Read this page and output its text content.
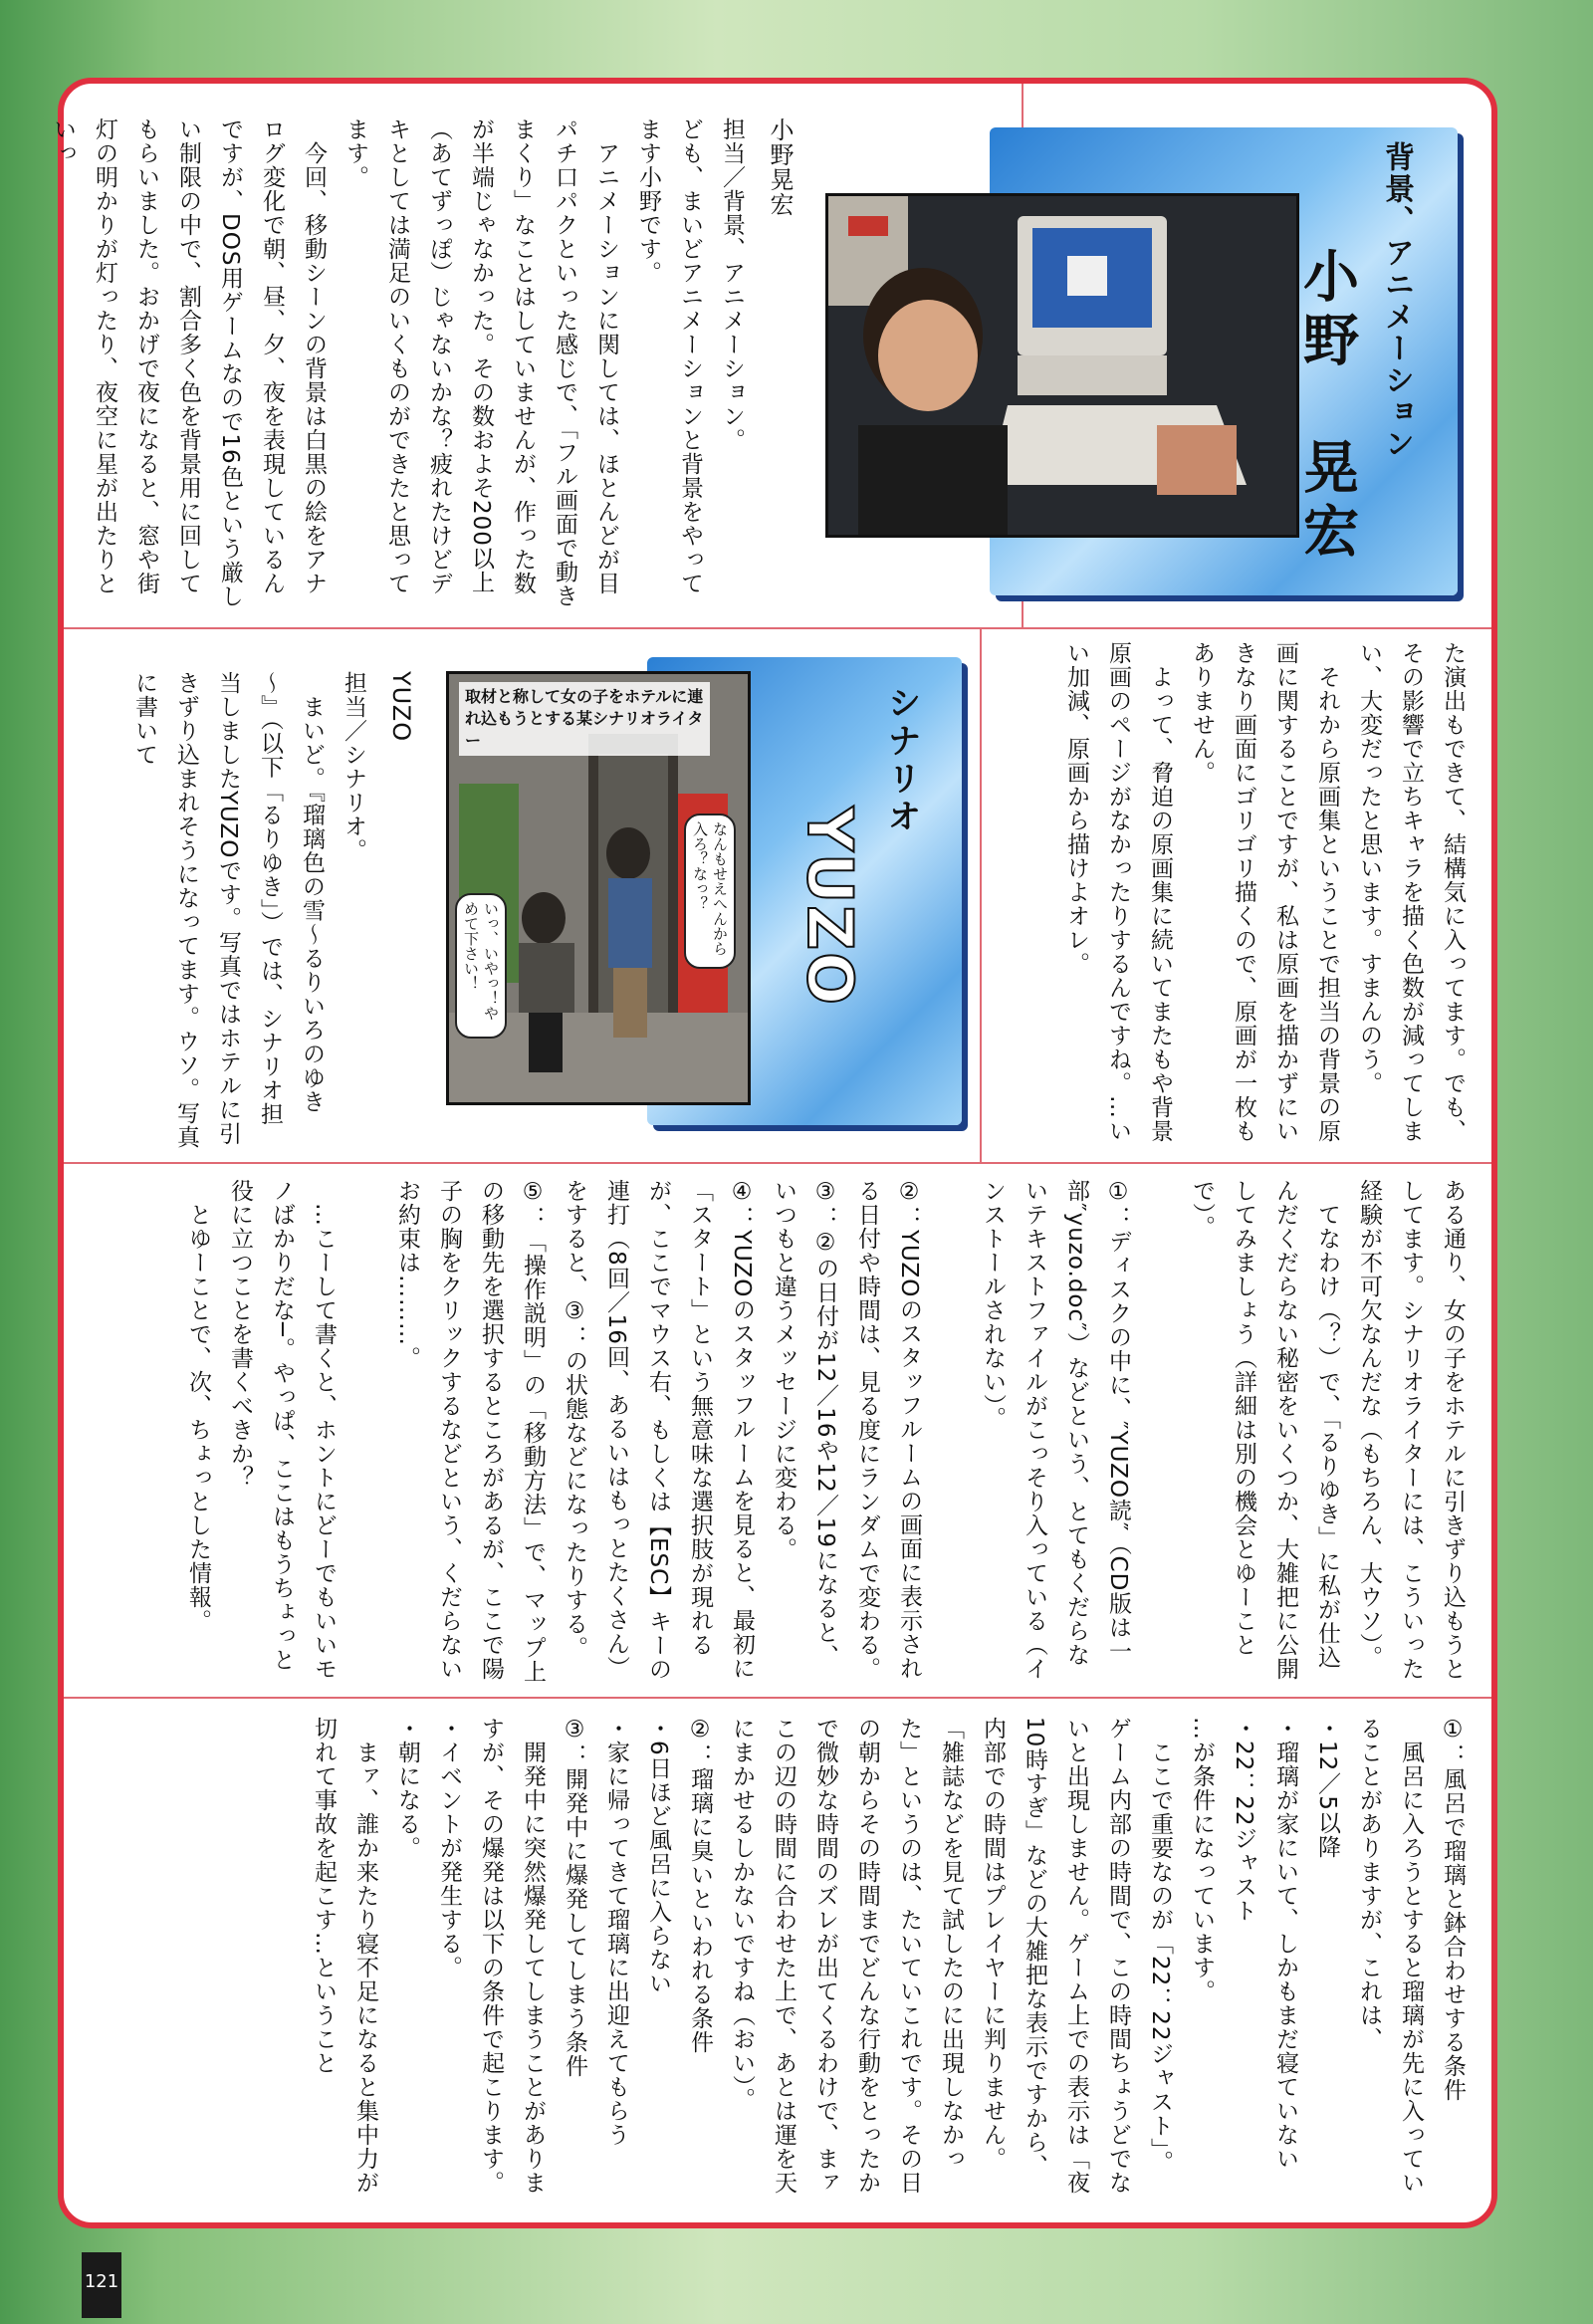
背景、アニメーション
小野　晃宏
小野晃宏
担当／背景、アニメーション。
ども、まいどアニメーションと背景をやってます小野です。
　アニメーションに関しては、ほとんどが目パチ口パクといった感じで、「フル画面で動きまくり」なことはしていませんが、作った数が半端じゃなかった。その数およそ200以上（あてずっぽ）じゃないかな？疲れたけどデキとしては満足のいくものができたと思ってます。
　今回、移動シーンの背景は白黒の絵をアナログ変化で朝、昼、夕、夜を表現しているんですが、DOS用ゲームなので16色という厳しい制限の中で、割合多く色を背景用に回してもらいました。おかげで夜になると、窓や街灯の明かりが灯ったり、夜空に星が出たりといっ
た演出もできて、結構気に入ってます。でも、その影響で立ちキャラを描く色数が減ってしまい、大変だったと思います。すまんのう。
　それから原画集ということで担当の背景の原画に関することですが、私は原画を描かずにいきなり画面にゴリゴリ描くので、原画が一枚もありません。
　よって、脅迫の原画集に続いてまたもや背景原画のページがなかったりするんですね。…いい加減、原画から描けよオレ。
シナリオ
YUZO
取材と称して女の子をホテルに連れ込もうとする某シナリオライター
なんもせえへんから入ろ？なっ？
いっ、いやっ！やめて下さい！
YUZO
担当／シナリオ。
　まいど。『瑠璃色の雪～るりいろのゆき～』（以下「るりゆき」）では、シナリオ担当しましたYUZOです。写真ではホテルに引きずり込まれそうになってます。ウソ。写真に書いて
ある通り、女の子をホテルに引きずり込もうとしてます。シナリオライターには、こういった経験が不可欠なんだな（もちろん、大ウソ）。
　てなわけ（？）で、「るりゆき」に私が仕込んだくだらない秘密をいくつか、大雑把に公開してみましょう（詳細は別の機会とゆーことで）。

①：ディスクの中に、″YUZO読″（CD版は一部″yuzo.doc″）などという、とてもくだらないテキストファイルがこっそり入っている（インストールされない）。

②：YUZOのスタッフルームの画面に表示される日付や時間は、見る度にランダムで変わる。
③：②の日付が12／16や12／19になると、いつもと違うメッセージに変わる。
④：YUZOのスタッフルームを見ると、最初に「スタート」という無意味な選択肢が現れるが、ここでマウス右、もしくは【ESC】キーの連打（8回／16回、あるいはもっとたくさん）をすると、③：の状態などになったりする。
⑤：「操作説明」の「移動方法」で、マップ上の移動先を選択するところがあるが、ここで陽子の胸をクリックするなどという、くだらないお約束は………。

　…こーして書くと、ホントにどーでもいいモノばかりだな─。やっぱ、ここはもうちょっと役に立つことを書くべきか？
　とゆーことで、次、ちょっとした情報。
①：風呂で瑠璃と鉢合わせする条件
　風呂に入ろうとすると瑠璃が先に入っていることがありますが、これは、
・12／5以降
・瑠璃が家にいて、しかもまだ寝ていない
・22：22ジャスト
…が条件になっています。
　ここで重要なのが「22：22ジャスト」。ゲーム内部の時間で、この時間ちょうどでないと出現しません。ゲーム上での表示は「夜10時すぎ」などの大雑把な表示ですから、内部での時間はプレイヤーに判りません。「雑誌などを見て試したのに出現しなかった」というのは、たいていこれです。その日の朝からその時間までどんな行動をとったかで微妙な時間のズレが出てくるわけで、まァこの辺の時間に合わせた上で、あとは運を天にまかせるしかないですね（おい）。
②：瑠璃に臭いといわれる条件
・6日ほど風呂に入らない
・家に帰ってきて瑠璃に出迎えてもらう
③：開発中に爆発してしまう条件
　開発中に突然爆発してしまうことがありますが、その爆発は以下の条件で起こります。
・イベントが発生する。
・朝になる。
　まァ、誰か来たり寝不足になると集中力が切れて事故を起こす…ということ
121
